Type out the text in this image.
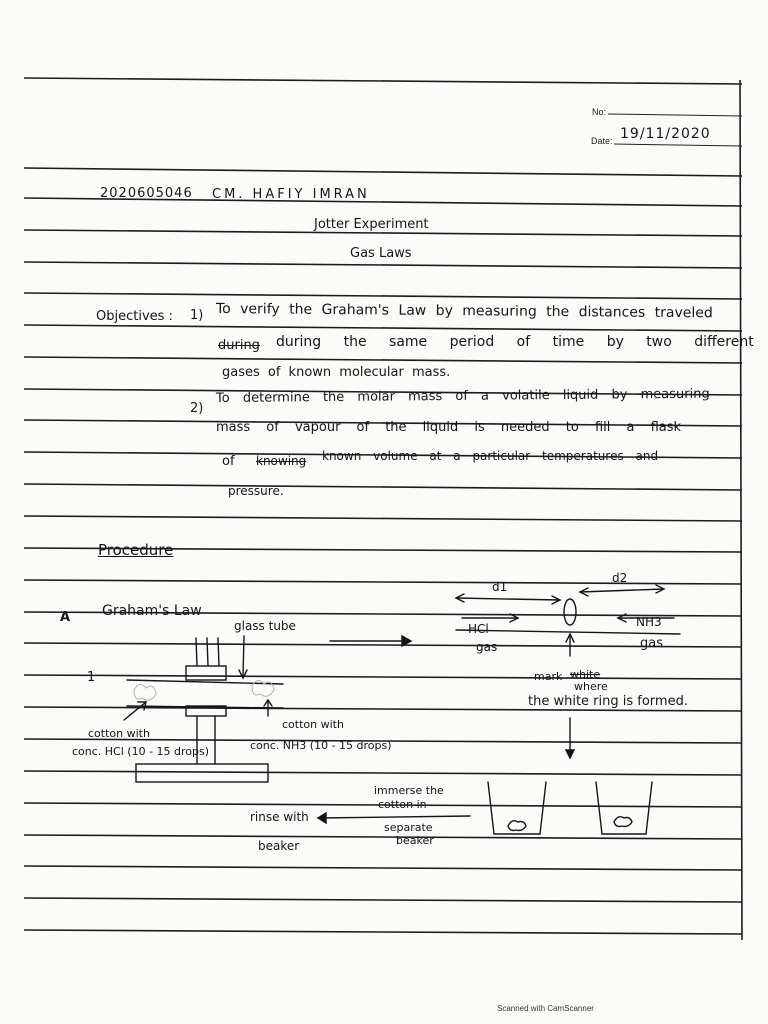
No:
Date: 19/11/2020
2020605046 CM. HAFIY IMRAN
Jotter Experiment
Gas Laws
Objectives : 1) To verify the Graham's Law by measuring the distances traveled
during during the same period of time by two different
gases of known molecular mass.
2)
To determine the molar mass of a volatile liquid by measuring
mass of vapour of the liquid is needed to fill a flask
of knowing known volume at a particular temperatures and
pressure.
Procedure
A Graham's Law
1
glass tube
cotton with
conc. HCl (10 - 15 drops)
cotton with
conc. NH3 (10 - 15 drops)
d1
d2
HCl
gas
NH3
gas
mark white
where
the white ring is formed.
immerse the
cotton in
separate
beaker
rinse with
beaker
Scanned with CamScanner
